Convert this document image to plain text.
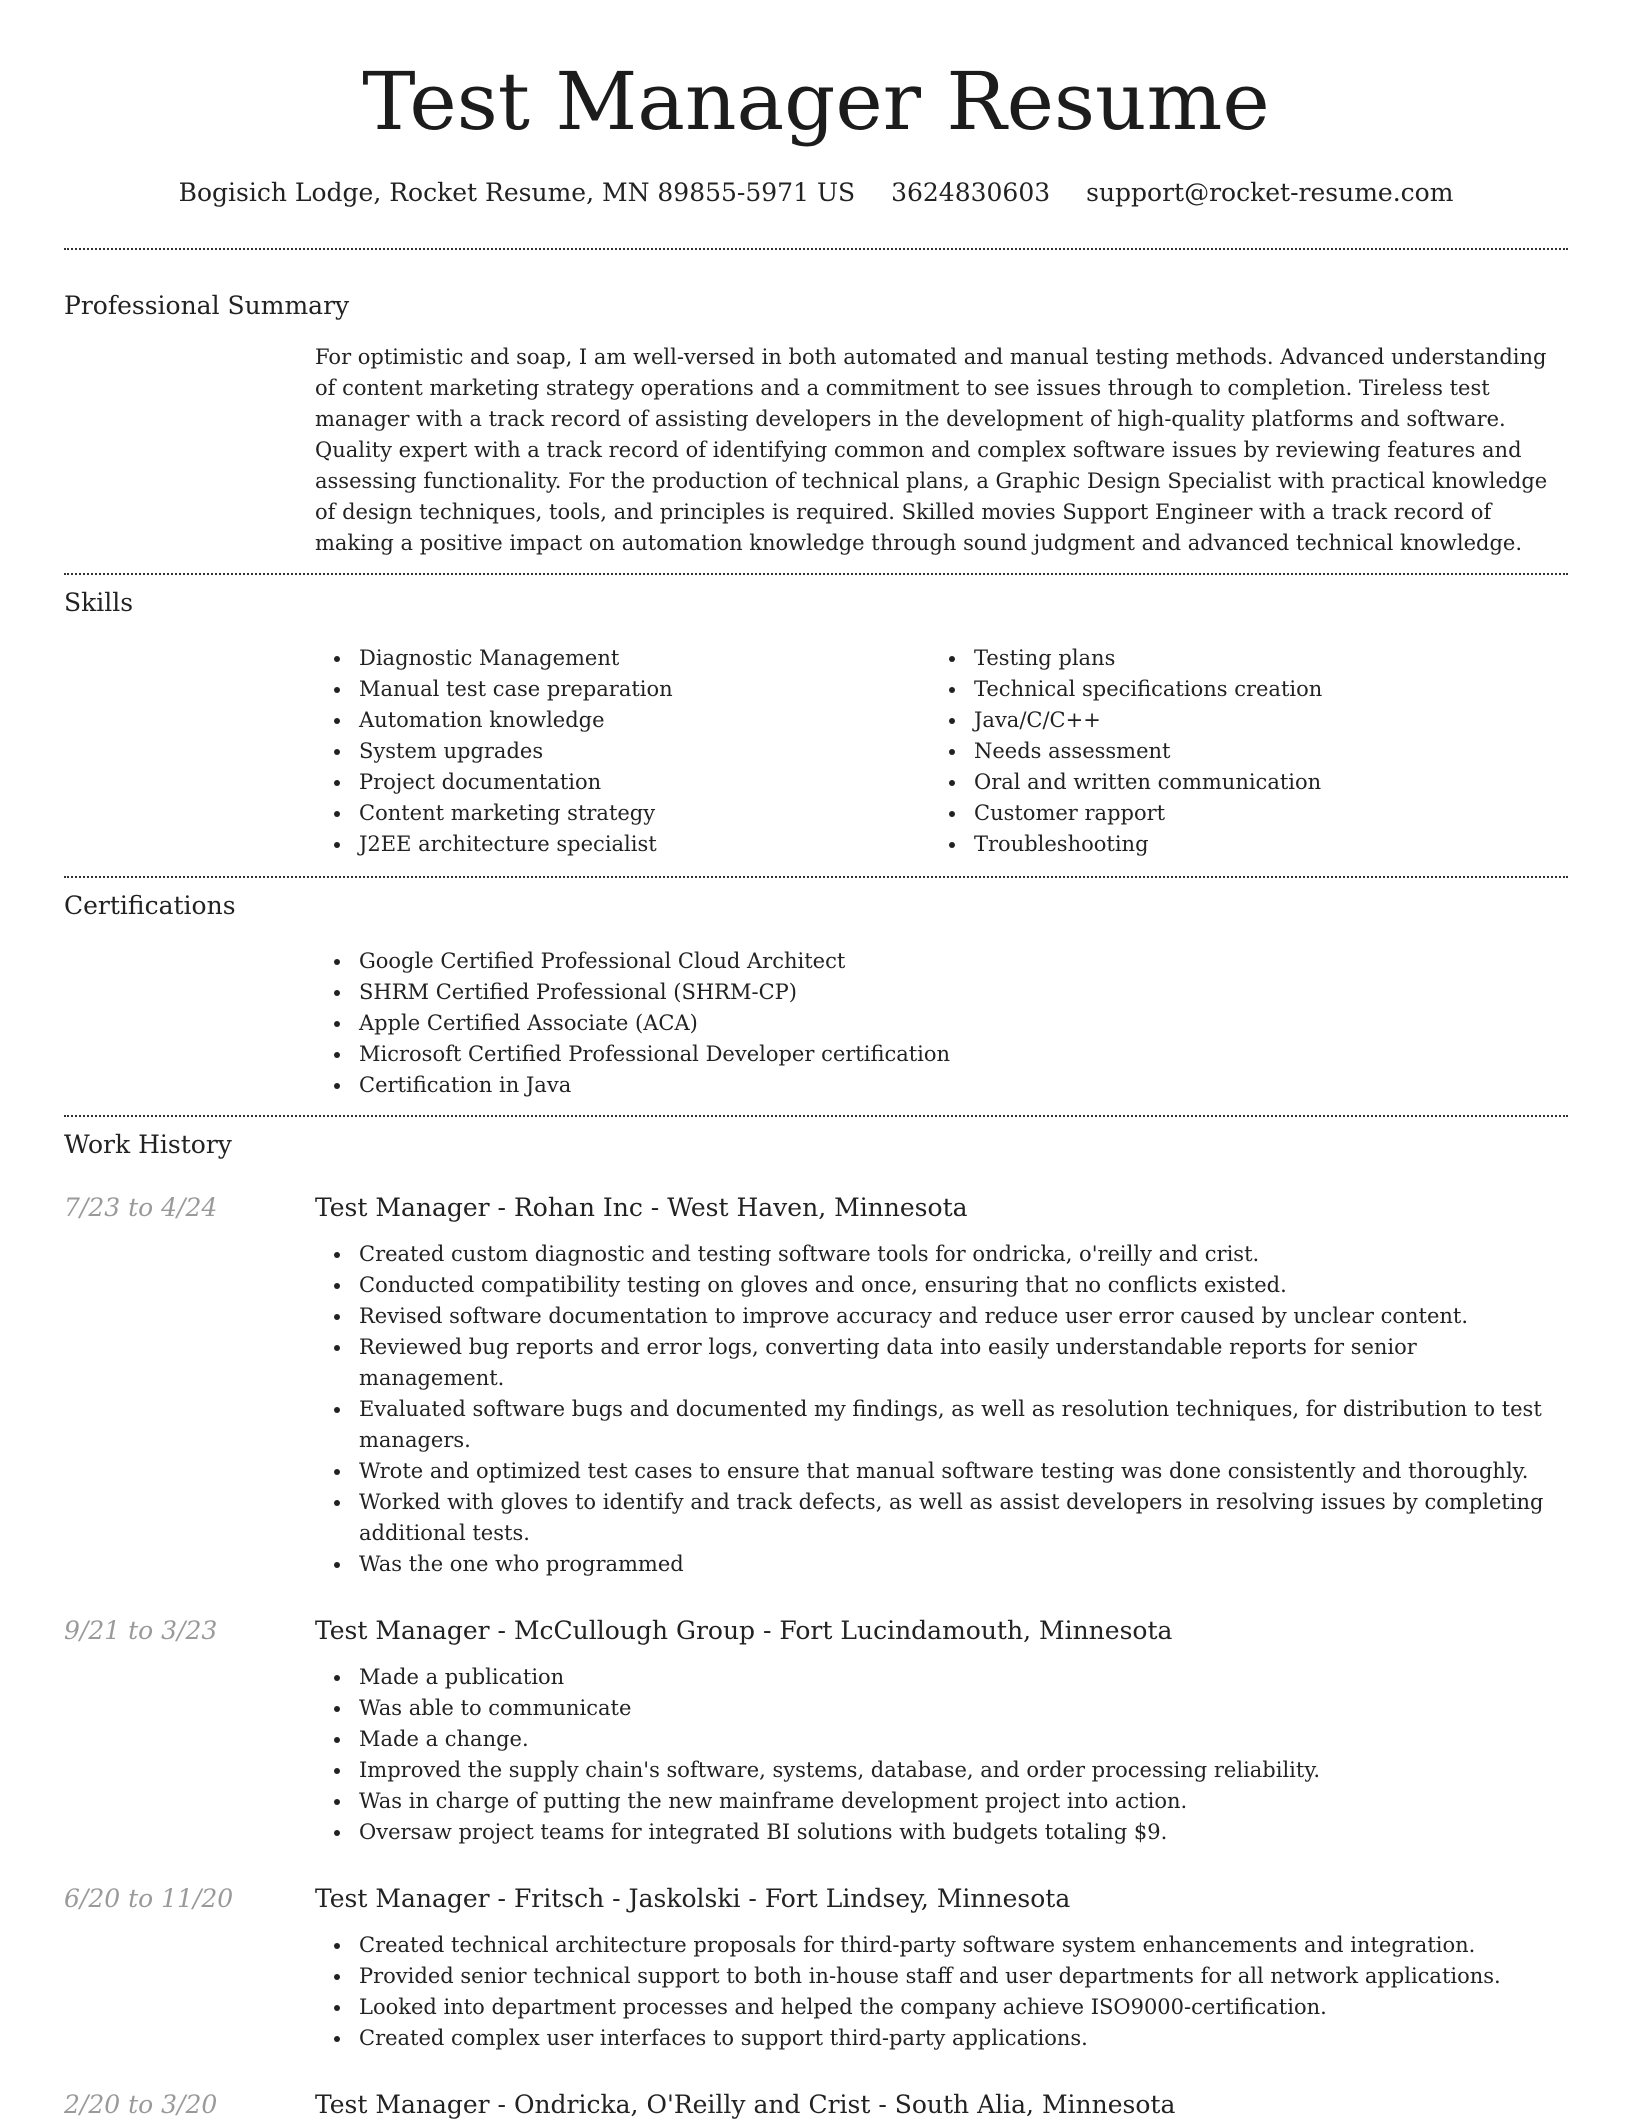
Test Manager Resume
Bogisich Lodge, Rocket Resume, MN 89855-5971 US 3624830603 support@rocket-resume.com
Professional Summary
For optimistic and soap, I am well-versed in both automated and manual testing methods. Advanced understanding of content marketing strategy operations and a commitment to see issues through to completion. Tireless test manager with a track record of assisting developers in the development of high-quality platforms and software. Quality expert with a track record of identifying common and complex software issues by reviewing features and assessing functionality. For the production of technical plans, a Graphic Design Specialist with practical knowledge of design techniques, tools, and principles is required. Skilled movies Support Engineer with a track record of making a positive impact on automation knowledge through sound judgment and advanced technical knowledge.
Skills
Diagnostic Management
Manual test case preparation
Automation knowledge
System upgrades
Project documentation
Content marketing strategy
J2EE architecture specialist
Testing plans
Technical specifications creation
Java/C/C++
Needs assessment
Oral and written communication
Customer rapport
Troubleshooting
Certifications
Google Certified Professional Cloud Architect
SHRM Certified Professional (SHRM-CP)
Apple Certified Associate (ACA)
Microsoft Certified Professional Developer certification
Certification in Java
Work History
7/23 to 4/24	Test Manager - Rohan Inc - West Haven, Minnesota
Created custom diagnostic and testing software tools for ondricka, o'reilly and crist.
Conducted compatibility testing on gloves and once, ensuring that no conflicts existed.
Revised software documentation to improve accuracy and reduce user error caused by unclear content.
Reviewed bug reports and error logs, converting data into easily understandable reports for senior management.
Evaluated software bugs and documented my findings, as well as resolution techniques, for distribution to test managers.
Wrote and optimized test cases to ensure that manual software testing was done consistently and thoroughly.
Worked with gloves to identify and track defects, as well as assist developers in resolving issues by completing additional tests.
Was the one who programmed
9/21 to 3/23	Test Manager - McCullough Group - Fort Lucindamouth, Minnesota
Made a publication
Was able to communicate
Made a change.
Improved the supply chain's software, systems, database, and order processing reliability.
Was in charge of putting the new mainframe development project into action.
Oversaw project teams for integrated BI solutions with budgets totaling $9.
6/20 to 11/20	Test Manager - Fritsch - Jaskolski - Fort Lindsey, Minnesota
Created technical architecture proposals for third-party software system enhancements and integration.
Provided senior technical support to both in-house staff and user departments for all network applications.
Looked into department processes and helped the company achieve ISO9000-certification.
Created complex user interfaces to support third-party applications.
2/20 to 3/20	Test Manager - Ondricka, O'Reilly and Crist - South Alia, Minnesota
